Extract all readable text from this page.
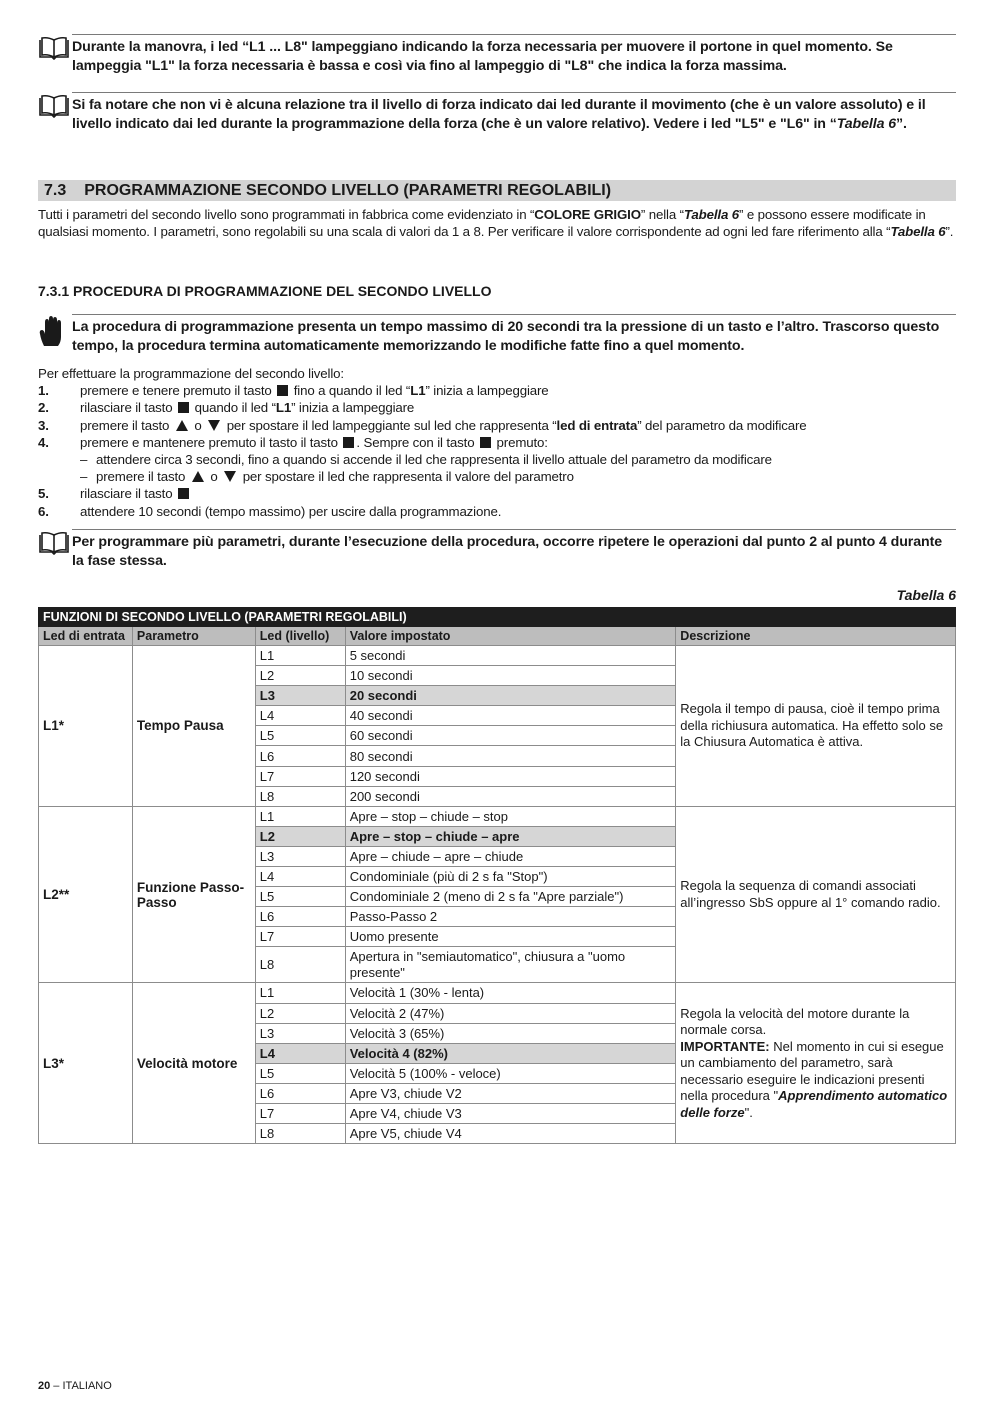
Durante la manovra, i led “L1 ... L8" lampeggiano indicando la forza necessaria per muovere il portone in quel momento. Se lampeggia "L1" la forza necessaria è bassa e così via fino al lampeggio di "L8" che indica la forza massima.
Si fa notare che non vi è alcuna relazione tra il livello di forza indicato dai led durante il movimento (che è un valore assoluto) e il livello indicato dai led durante la programmazione della forza (che è un valore relativo). Vedere i led "L5" e "L6" in “Tabella 6”.
7.3 PROGRAMMAZIONE SECONDO LIVELLO (PARAMETRI REGOLABILI)
Tutti i parametri del secondo livello sono programmati in fabbrica come evidenziato in “COLORE GRIGIO” nella “Tabella 6” e possono essere modificate in qualsiasi momento. I parametri, sono regolabili su una scala di valori da 1 a 8. Per verificare il valore corrispondente ad ogni led fare riferimento alla “Tabella 6”.
7.3.1 PROCEDURA DI PROGRAMMAZIONE DEL SECONDO LIVELLO
La procedura di programmazione presenta un tempo massimo di 20 secondi tra la pressione di un tasto e l’altro. Trascorso questo tempo, la procedura termina automaticamente memorizzando le modifiche fatte fino a quel momento.
Per effettuare la programmazione del secondo livello:
1.	premere e tenere premuto il tasto fino a quando il led “L1” inizia a lampeggiare
2.	rilasciare il tasto quando il led “L1” inizia a lampeggiare
3.	premere il tasto o per spostare il led lampeggiante sul led che rappresenta “led di entrata” del parametro da modificare
4.	premere e mantenere premuto il tasto il tasto . Sempre con il tasto premuto:
– attendere circa 3 secondi, fino a quando si accende il led che rappresenta il livello attuale del parametro da modificare
– premere il tasto o per spostare il led che rappresenta il valore del parametro
5.	rilasciare il tasto
6.	attendere 10 secondi (tempo massimo) per uscire dalla programmazione.
Per programmare più parametri, durante l’esecuzione della procedura, occorre ripetere le operazioni dal punto 2 al punto 4 durante la fase stessa.
Tabella 6
FUNZIONI DI SECONDO LIVELLO (PARAMETRI REGOLABILI)				
Led di entrata	Parametro	Led (livello)	Valore impostato	Descrizione
L1*	Tempo Pausa	L1	5 secondi	Regola il tempo di pausa, cioè il tempo prima della richiusura automatica. Ha effetto solo se la Chiusura Automatica è attiva.
		L2	10 secondi	
		L3	20 secondi	
		L4	40 secondi	
		L5	60 secondi	
		L6	80 secondi	
		L7	120 secondi	
		L8	200 secondi	
L2**	Funzione Passo-Passo	L1	Apre – stop – chiude – stop	Regola la sequenza di comandi associati all’ingresso SbS oppure al 1° comando radio.
		L2	Apre – stop – chiude – apre	
		L3	Apre – chiude – apre – chiude	
		L4	Condominiale (più di 2 s fa "Stop")	
		L5	Condominiale 2 (meno di 2 s fa "Apre parziale")	
		L6	Passo-Passo 2	
		L7	Uomo presente	
		L8	Apertura in "semiautomatico", chiusura a "uomo presente"	
L3*	Velocità motore	L1	Velocità 1 (30% - lenta)	Regola la velocità del motore durante la normale corsa.
IMPORTANTE: Nel momento in cui si esegue un cambiamento del parametro, sarà necessario eseguire le indicazioni presenti nella procedura "Apprendimento automatico delle forze".
		L2	Velocità 2 (47%)	
		L3	Velocità 3 (65%)	
		L4	Velocità 4 (82%)	
		L5	Velocità 5 (100% - veloce)	
		L6	Apre V3, chiude V2	
		L7	Apre V4, chiude V3	
		L8	Apre V5, chiude V4	
20 – ITALIANO
